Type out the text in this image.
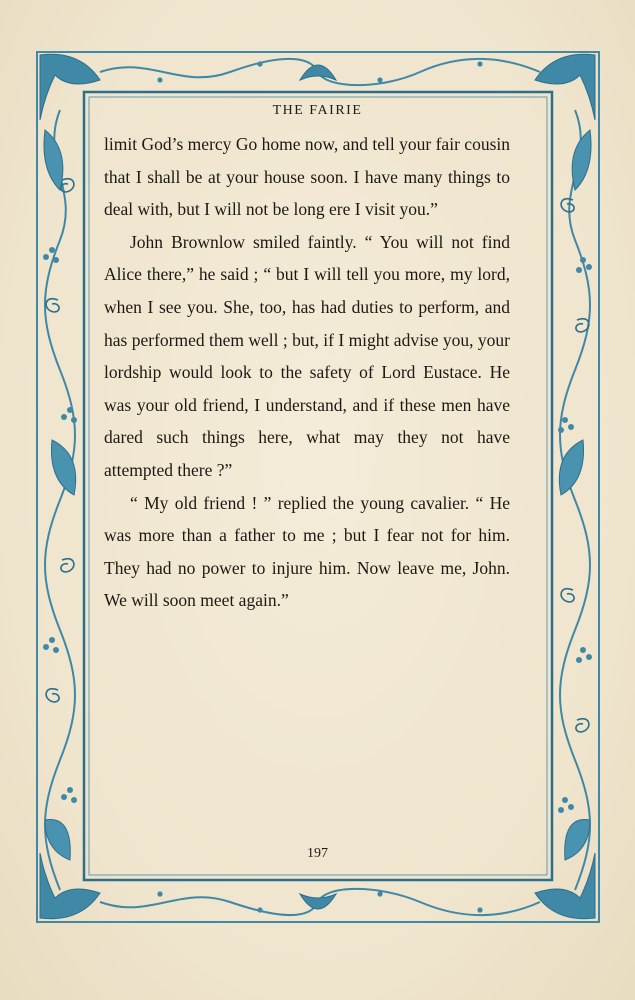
THE FAIRIE

limit God’s mercy Go home now, and tell your fair cousin that I shall be at your house soon. I have many things to deal with, but I will not be long ere I visit you.”

John Brownlow smiled faintly. “ You will not find Alice there,” he said ; “ but I will tell you more, my lord, when I see you. She, too, has had duties to perform, and has performed them well ; but, if I might advise you, your lordship would look to the safety of Lord Eustace. He was your old friend, I understand, and if these men have dared such things here, what may they not have attempted there ?”

“ My old friend ! ” replied the young cavalier. “ He was more than a father to me ; but I fear not for him. They had no power to injure him. Now leave me, John. We will soon meet again.”

197
